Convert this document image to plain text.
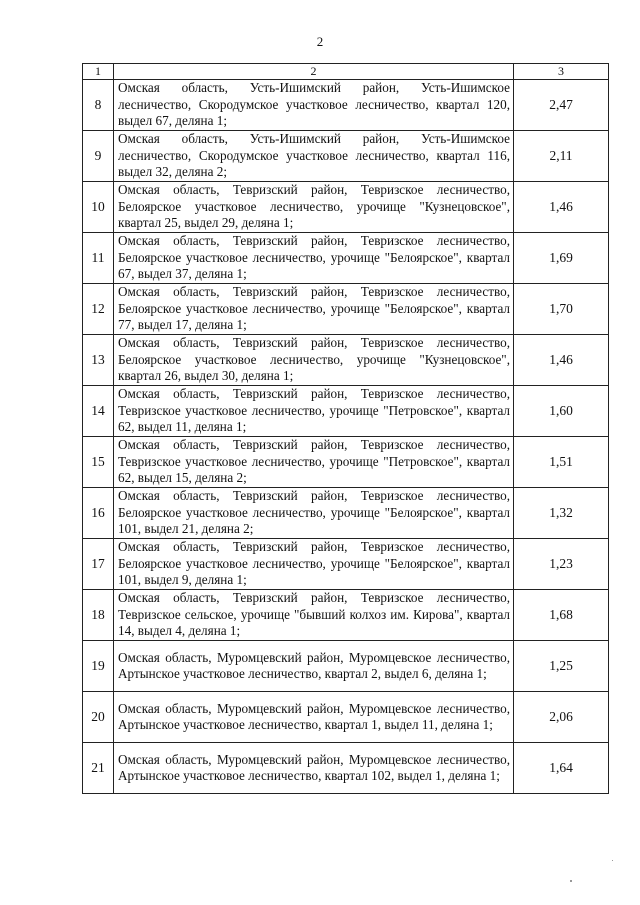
2
1	2	3
8	Омская область, Усть-Ишимский район, Усть-Ишимское лесничество, Скородумское участковое лесничество, квартал 120, выдел 67, деляна 1;	2,47
9	Омская область, Усть-Ишимский район, Усть-Ишимское лесничество, Скородумское участковое лесничество, квартал 116, выдел 32, деляна 2;	2,11
10	Омская область, Тевризский район, Тевризское лесничество, Белоярское участковое лесничество, урочище "Кузнецовское", квартал 25, выдел 29, деляна 1;	1,46
11	Омская область, Тевризский район, Тевризское лесничество, Белоярское участковое лесничество, урочище "Белоярское", квартал 67, выдел 37, деляна 1;	1,69
12	Омская область, Тевризский район, Тевризское лесничество, Белоярское участковое лесничество, урочище "Белоярское", квартал 77, выдел 17, деляна 1;	1,70
13	Омская область, Тевризский район, Тевризское лесничество, Белоярское участковое лесничество, урочище "Кузнецовское", квартал 26, выдел 30, деляна 1;	1,46
14	Омская область, Тевризский район, Тевризское лесничество, Тевризское участковое лесничество, урочище "Петровское", квартал 62, выдел 11, деляна 1;	1,60
15	Омская область, Тевризский район, Тевризское лесничество, Тевризское участковое лесничество, урочище "Петровское", квартал 62, выдел 15, деляна 2;	1,51
16	Омская область, Тевризский район, Тевризское лесничество, Белоярское участковое лесничество, урочище "Белоярское", квартал 101, выдел 21, деляна 2;	1,32
17	Омская область, Тевризский район, Тевризское лесничество, Белоярское участковое лесничество, урочище "Белоярское", квартал 101, выдел 9, деляна 1;	1,23
18	Омская область, Тевризский район, Тевризское лесничество, Тевризское сельское, урочище "бывший колхоз им. Кирова", квартал 14, выдел 4, деляна 1;	1,68
19	Омская область, Муромцевский район, Муромцевское лесничество, Артынское участковое лесничество, квартал 2, выдел 6, деляна 1;	1,25
20	Омская область, Муромцевский район, Муромцевское лесничество, Артынское участковое лесничество, квартал 1, выдел 11, деляна 1;	2,06
21	Омская область, Муромцевский район, Муромцевское лесничество, Артынское участковое лесничество, квартал 102, выдел 1, деляна 1;	1,64
